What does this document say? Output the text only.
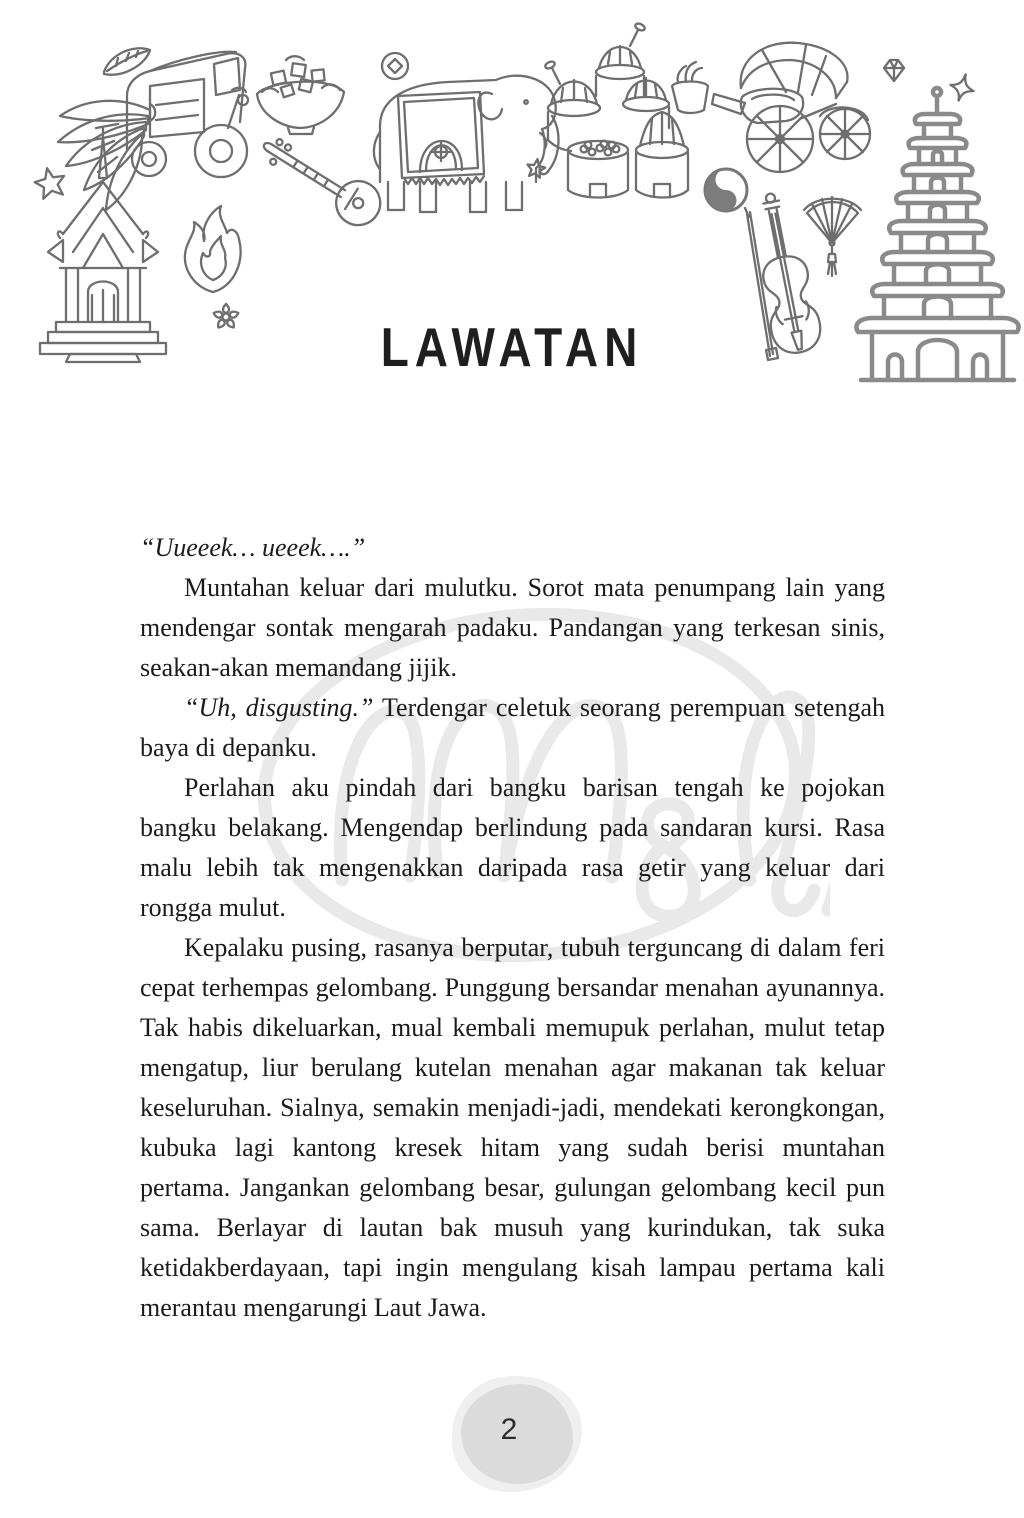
LAWATAN

“Uueeek… ueeek….”

Muntahan keluar dari mulutku. Sorot mata penumpang lain yang mendengar sontak mengarah padaku. Pandangan yang terkesan sinis, seakan-akan memandang jijik.

“Uh, disgusting.” Terdengar celetuk seorang perempuan setengah baya di depanku.

Perlahan aku pindah dari bangku barisan tengah ke pojokan bangku belakang. Mengendap berlindung pada sandaran kursi. Rasa malu lebih tak mengenakkan daripada rasa getir yang keluar dari rongga mulut.

Kepalaku pusing, rasanya berputar, tubuh terguncang di dalam feri cepat terhempas gelombang. Punggung bersandar menahan ayunannya. Tak habis dikeluarkan, mual kembali memupuk perlahan, mulut tetap mengatup, liur berulang kutelan menahan agar makanan tak keluar keseluruhan. Sialnya, semakin menjadi-jadi, mendekati kerongkongan, kubuka lagi kantong kresek hitam yang sudah berisi muntahan pertama. Jangankan gelombang besar, gulungan gelombang kecil pun sama. Berlayar di lautan bak musuh yang kurindukan, tak suka ketidakberdayaan, tapi ingin mengulang kisah lampau pertama kali merantau mengarungi Laut Jawa.

2
